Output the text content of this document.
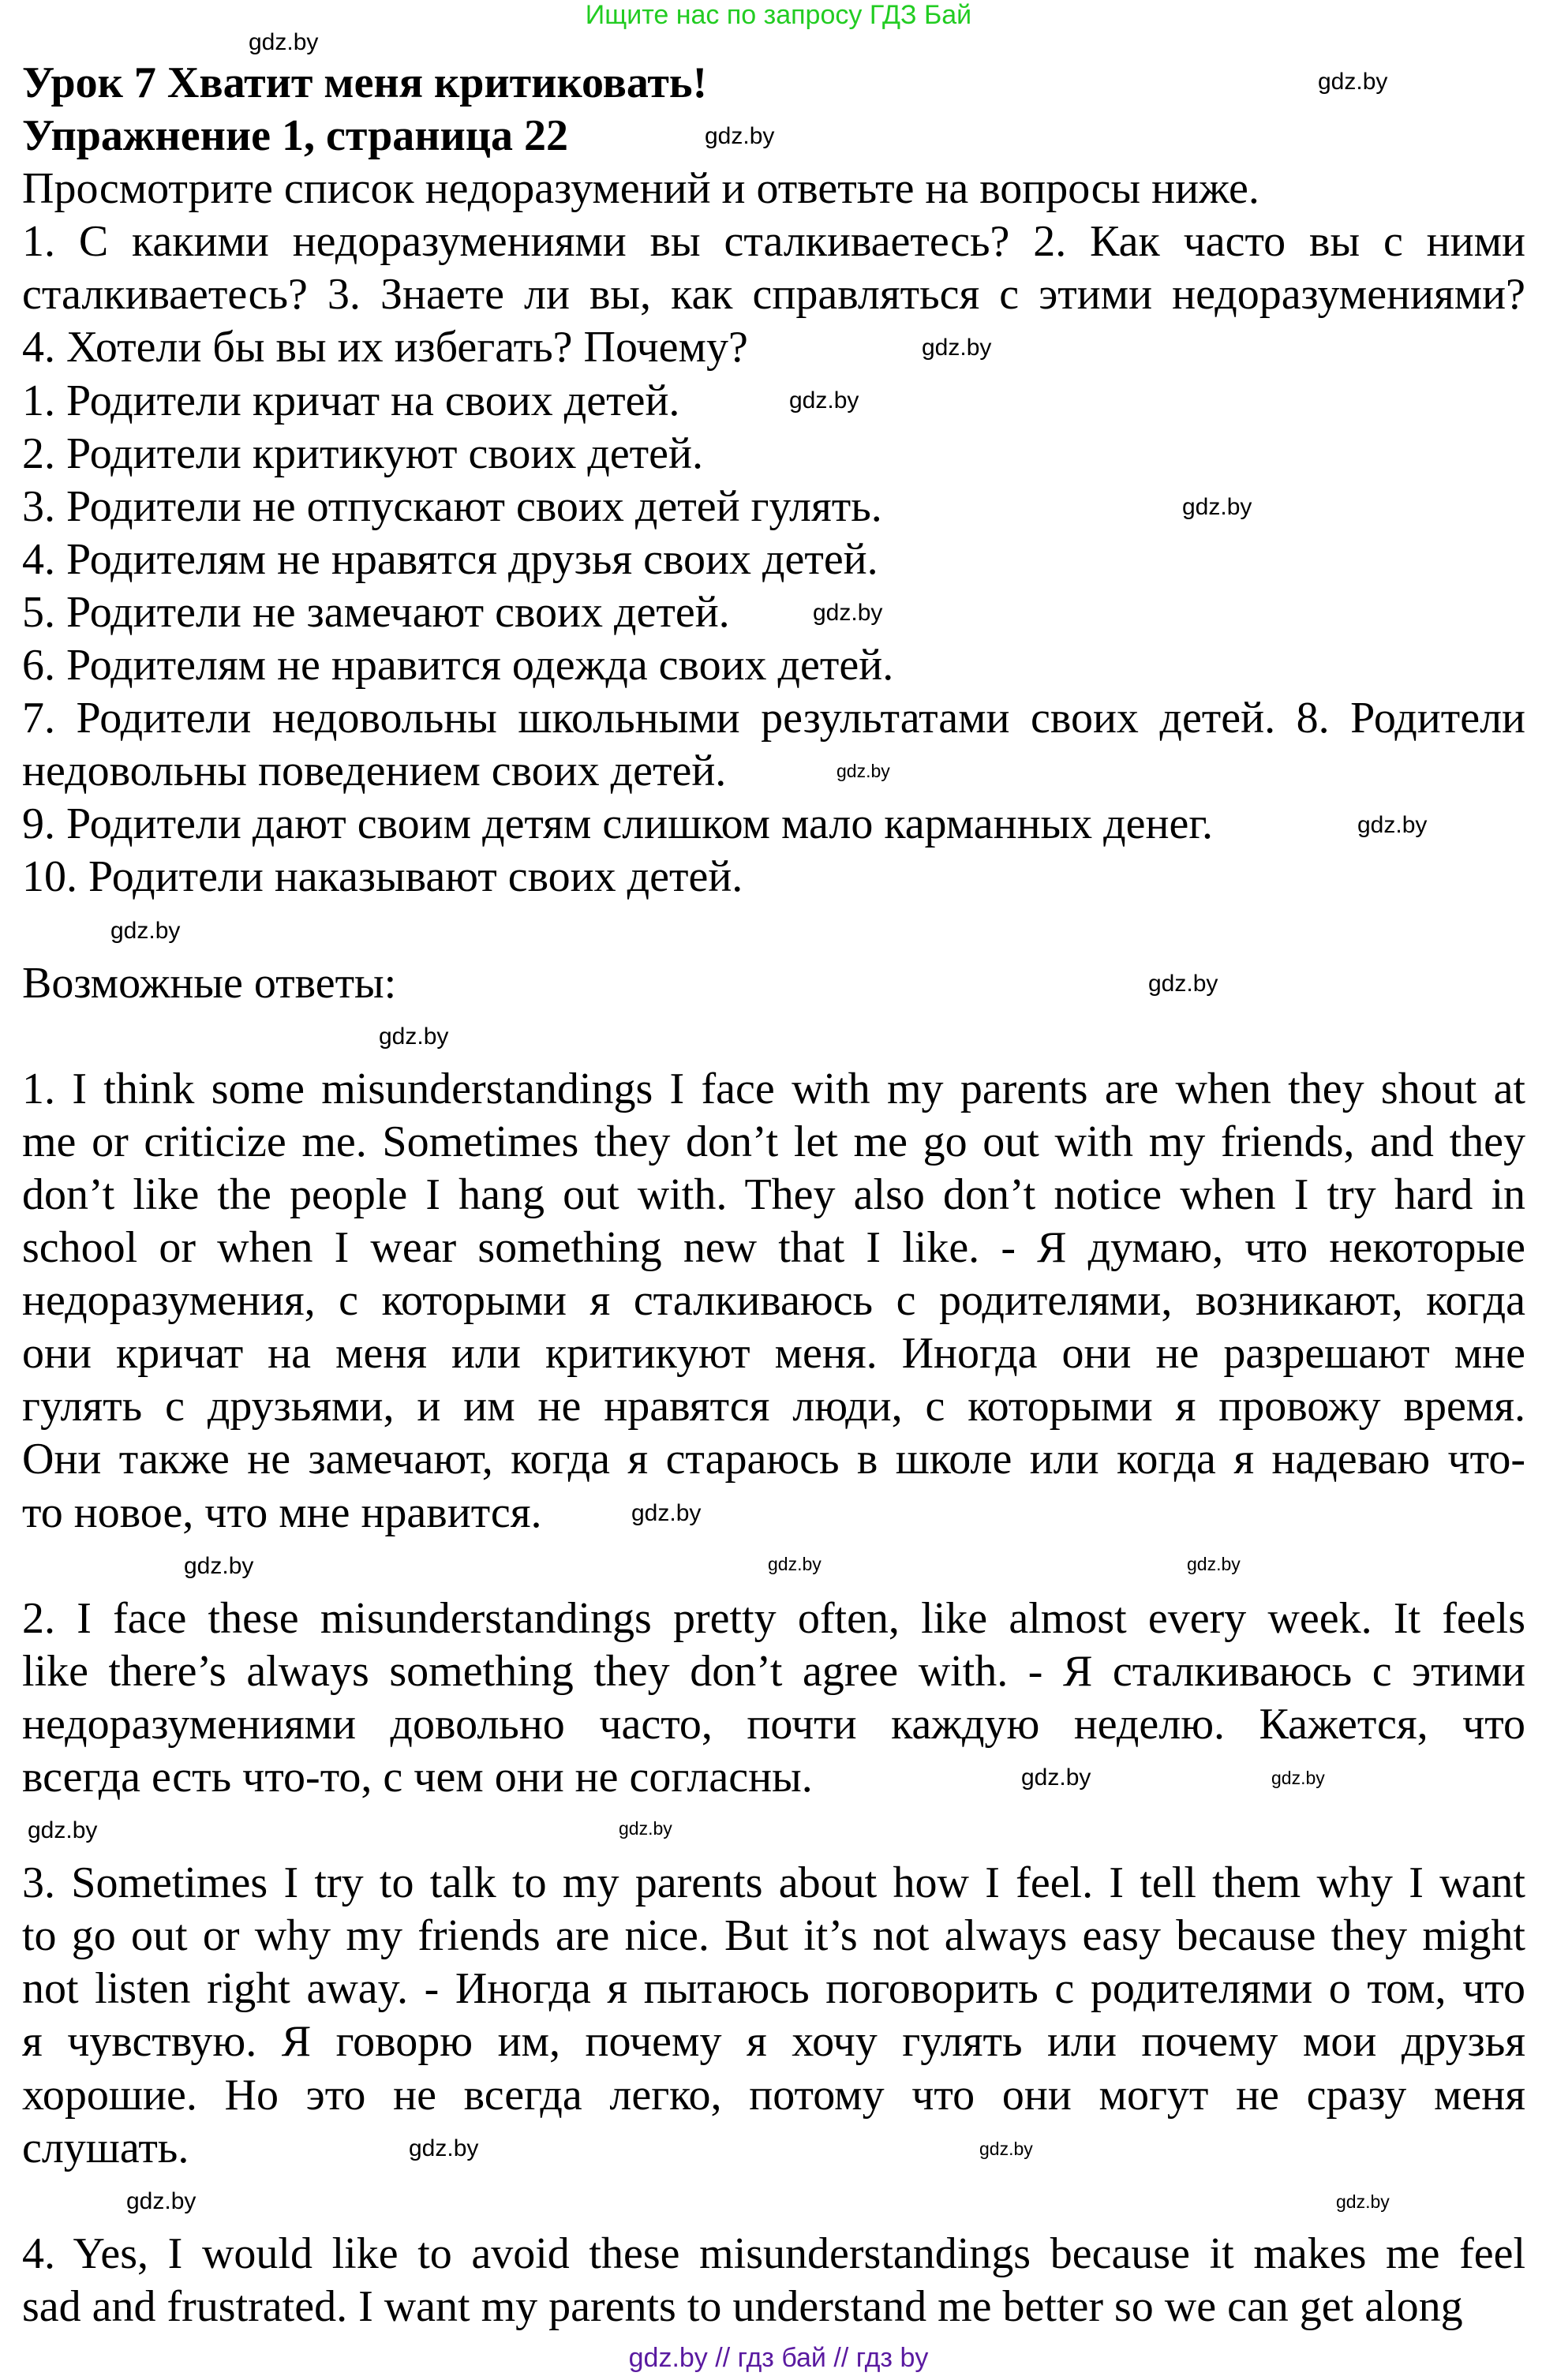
Ищите нас по запросу ГДЗ Бай
Урок 7 Хватит меня критиковать!
Упражнение 1, страница 22
Просмотрите список недоразумений и ответьте на вопросы ниже.
1. С какими недоразумениями вы сталкиваетесь? 2. Как часто вы с ними
сталкиваетесь? 3. Знаете ли вы, как справляться с этими недоразумениями?
4. Хотели бы вы их избегать? Почему?
1. Родители кричат на своих детей.
2. Родители критикуют своих детей.
3. Родители не отпускают своих детей гулять.
4. Родителям не нравятся друзья своих детей.
5. Родители не замечают своих детей.
6. Родителям не нравится одежда своих детей.
7. Родители недовольны школьными результатами своих детей. 8. Родители
недовольны поведением своих детей.
9. Родители дают своим детям слишком мало карманных денег.
10. Родители наказывают своих детей.
Возможные ответы:
1. I think some misunderstandings I face with my parents are when they shout at
me or criticize me. Sometimes they don’t let me go out with my friends, and they
don’t like the people I hang out with. They also don’t notice when I try hard in
school or when I wear something new that I like. - Я думаю, что некоторые
недоразумения, с которыми я сталкиваюсь с родителями, возникают, когда
они кричат на меня или критикуют меня. Иногда они не разрешают мне
гулять с друзьями, и им не нравятся люди, с которыми я провожу время.
Они также не замечают, когда я стараюсь в школе или когда я надеваю что-
то новое, что мне нравится.
2. I face these misunderstandings pretty often, like almost every week. It feels
like there’s always something they don’t agree with. - Я сталкиваюсь с этими
недоразумениями довольно часто, почти каждую неделю. Кажется, что
всегда есть что-то, с чем они не согласны.
3. Sometimes I try to talk to my parents about how I feel. I tell them why I want
to go out or why my friends are nice. But it’s not always easy because they might
not listen right away. - Иногда я пытаюсь поговорить с родителями о том, что
я чувствую. Я говорю им, почему я хочу гулять или почему мои друзья
хорошие. Но это не всегда легко, потому что они могут не сразу меня
слушать.
4. Yes, I would like to avoid these misunderstandings because it makes me feel
sad and frustrated. I want my parents to understand me better so we can get along
gdz.by
gdz.by
gdz.by
gdz.by
gdz.by
gdz.by
gdz.by
gdz.by
gdz.by
gdz.by
gdz.by
gdz.by
gdz.by
gdz.by
gdz.by
gdz.by
gdz.by
gdz.by
gdz.by
gdz.by
gdz.by
gdz.by
gdz.by	gdz.by
gdz.by // гдз бай // гдз by
